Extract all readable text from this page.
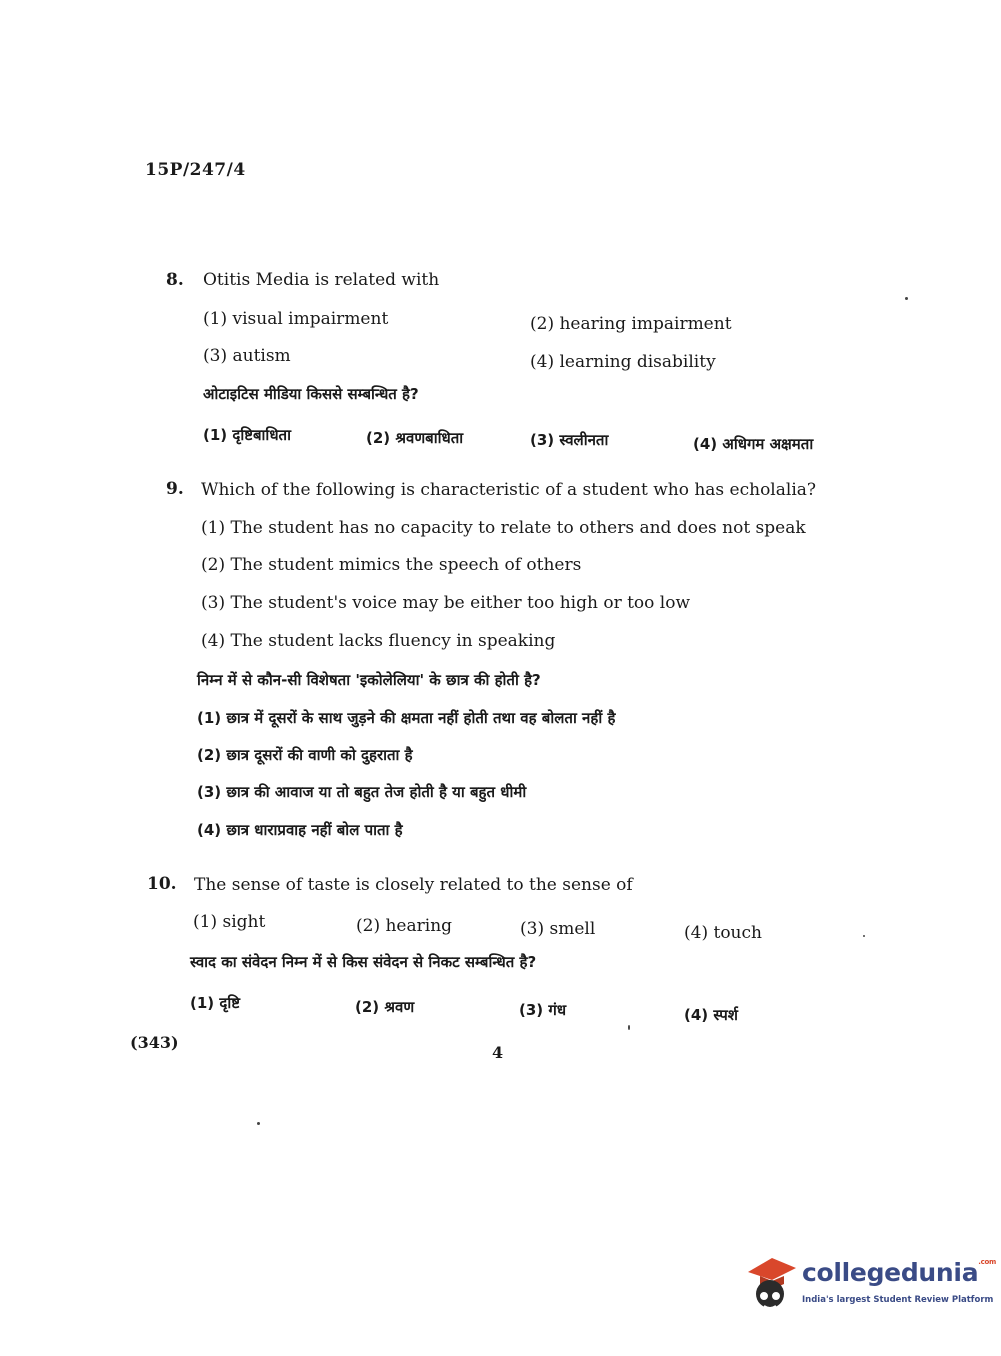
15P/247/4
8. Otitis Media is related with
(1) visual impairment	(2) hearing impairment
(3) autism	(4) learning disability
ओटाइटिस मीडिया किससे सम्बन्धित है?
(1) दृष्टिबाधिता	(2) श्रवणबाधिता	(3) स्वलीनता	(4) अधिगम अक्षमता
9. Which of the following is characteristic of a student who has echolalia?
(1) The student has no capacity to relate to others and does not speak
(2) The student mimics the speech of others
(3) The student's voice may be either too high or too low
(4) The student lacks fluency in speaking
निम्न में से कौन-सी विशेषता 'इकोलेलिया' के छात्र की होती है?
(1) छात्र में दूसरों के साथ जुड़ने की क्षमता नहीं होती तथा वह बोलता नहीं है
(2) छात्र दूसरों की वाणी को दुहराता है
(3) छात्र की आवाज या तो बहुत तेज होती है या बहुत धीमी
(4) छात्र धाराप्रवाह नहीं बोल पाता है
10. The sense of taste is closely related to the sense of
(1) sight	(2) hearing	(3) smell	(4) touch
स्वाद का संवेदन निम्न में से किस संवेदन से निकट सम्बन्धित है?
(1) दृष्टि	(2) श्रवण	(3) गंध	(4) स्पर्श
(343)
4
collegedunia$^{.com}$
India's largest Student Review Platform
